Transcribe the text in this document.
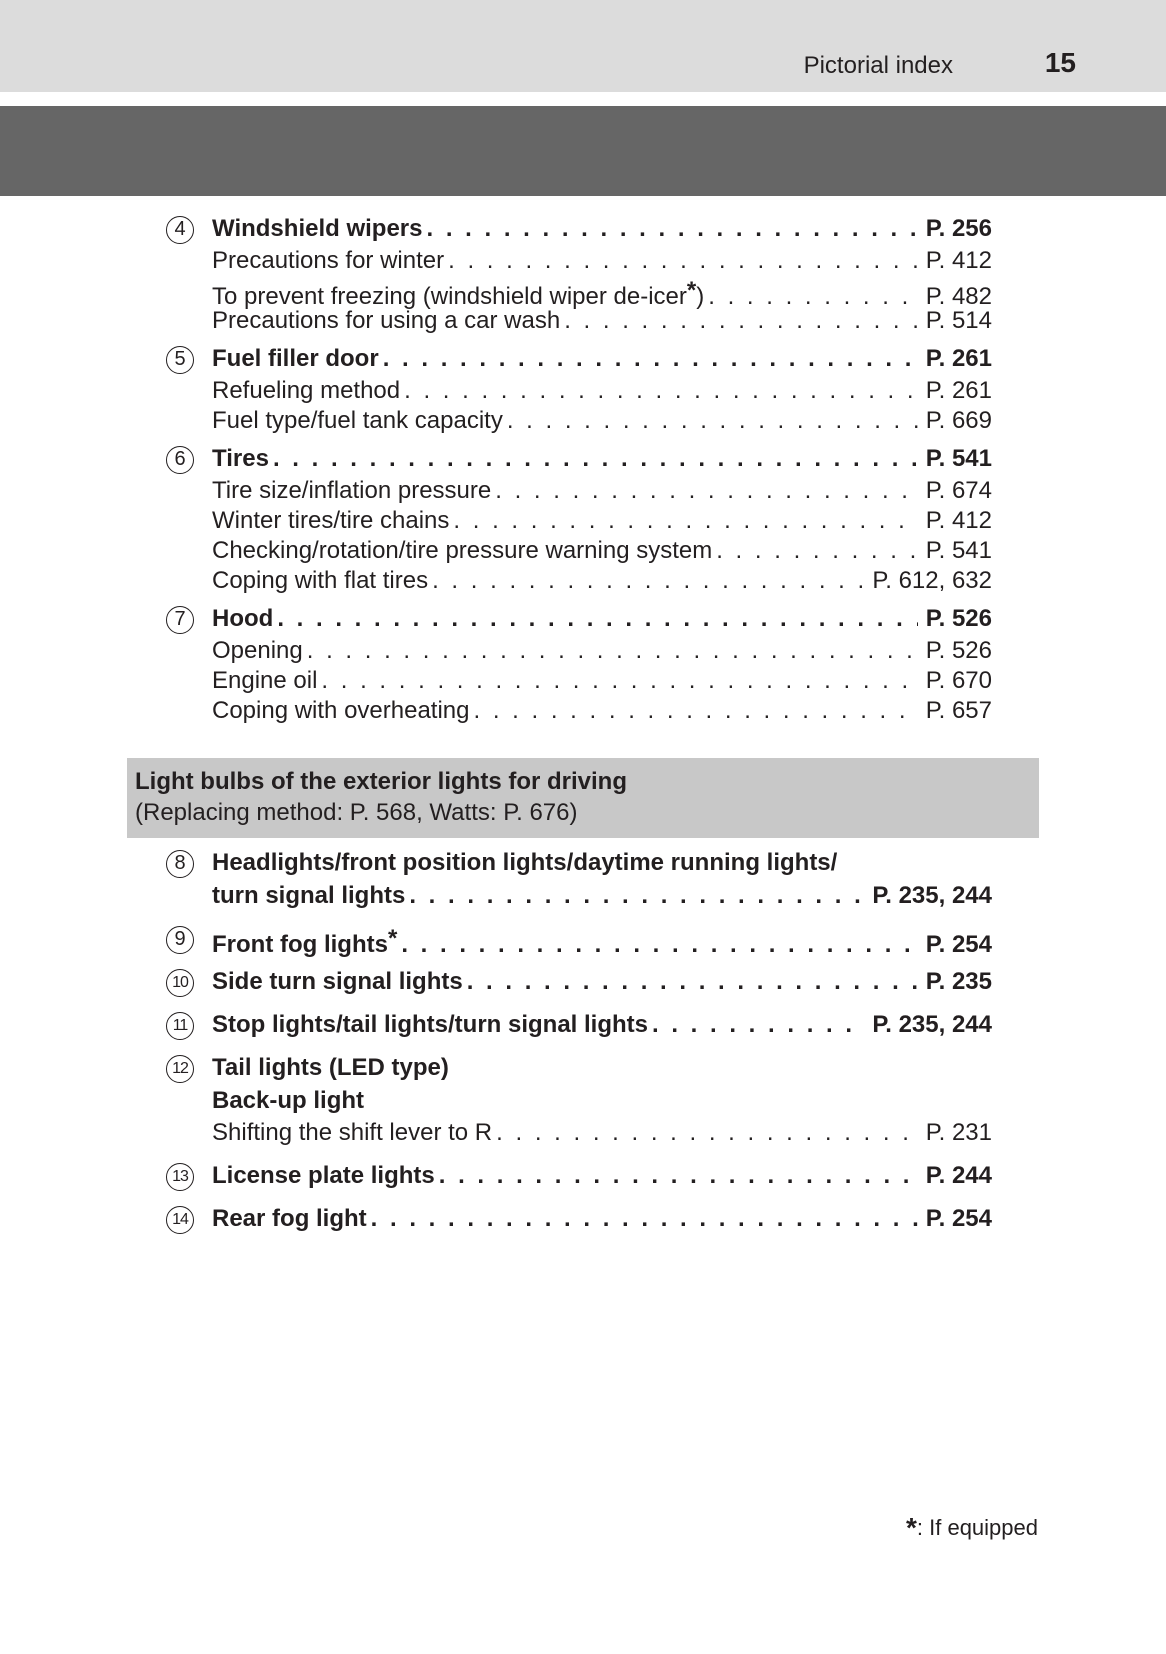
Pictorial index	15
4	Windshield wipers . . .	P. 256
Precautions for winter . . .	P. 412
To prevent freezing (windshield wiper de-icer*) . . .	P. 482
Precautions for using a car wash . . .	P. 514
5	Fuel filler door . . .	P. 261
Refueling method . . .	P. 261
Fuel type/fuel tank capacity . . .	P. 669
6	Tires . . .	P. 541
Tire size/inflation pressure . . .	P. 674
Winter tires/tire chains . . .	P. 412
Checking/rotation/tire pressure warning system . . .	P. 541
Coping with flat tires . . .	P. 612, 632
7	Hood . . .	P. 526
Opening . . .	P. 526
Engine oil . . .	P. 670
Coping with overheating . . .	P. 657
Light bulbs of the exterior lights for driving
(Replacing method: P. 568, Watts: P. 676)
8	Headlights/front position lights/daytime running lights/
turn signal lights . . .	P. 235, 244
9	Front fog lights* . . .	P. 254
10 Side turn signal lights . . .	P. 235
11 Stop lights/tail lights/turn signal lights . . .	P. 235, 244
12 Tail lights (LED type)
Back-up light
Shifting the shift lever to R . . .	P. 231
13 License plate lights . . .	P. 244
14 Rear fog light . . .	P. 254
*: If equipped
